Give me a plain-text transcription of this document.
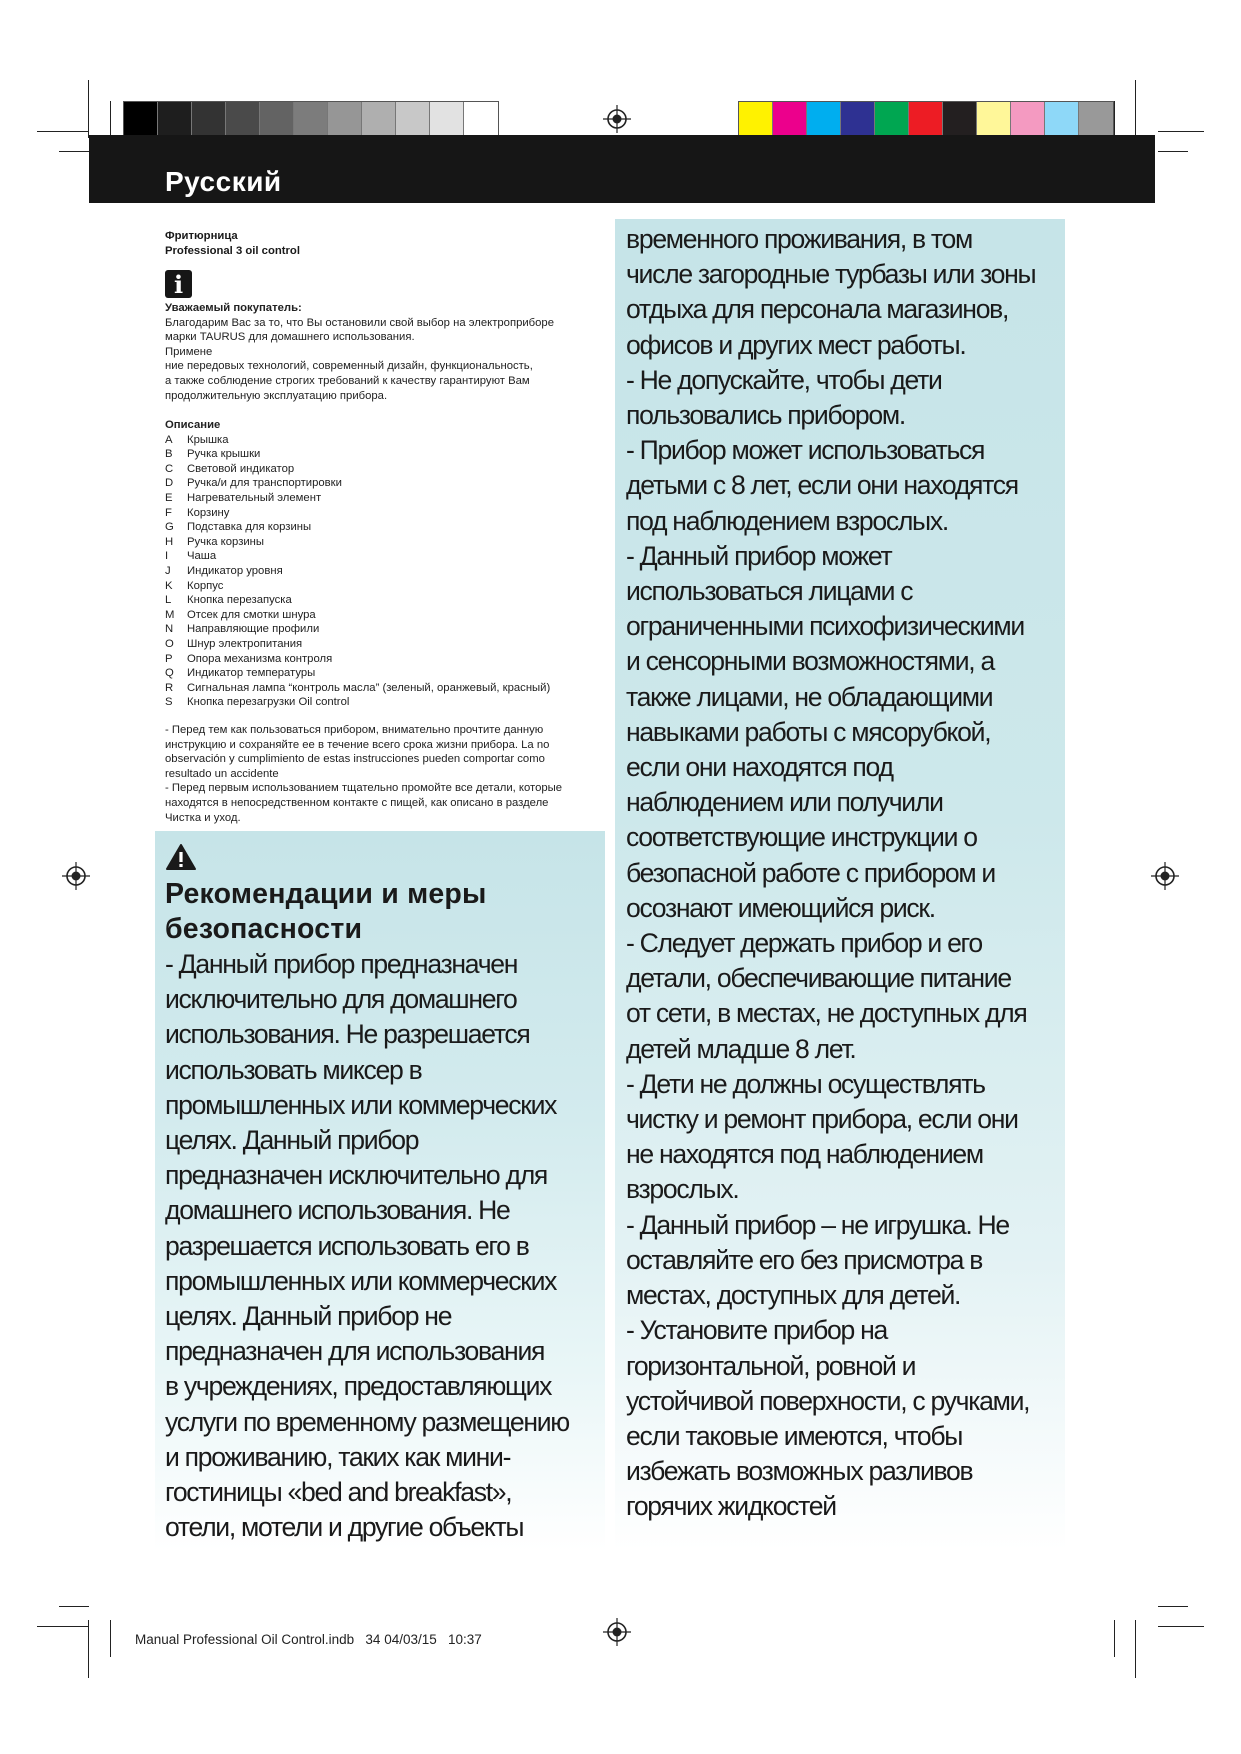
Русский
Фритюрница
Professional 3 oil control
i
Уважаемый покупатель:
Благодарим Вас за то, что Вы остановили свой выбор на электроприборе
марки TAURUS для домашнего использования.
Примене
ние передовых технологий, современный дизайн, функциональность,
а также соблюдение строгих требований к качеству гарантируют Вам
продолжительную эксплуатацию прибора.
Описание
A	Крышка
B	Ручка крышки
C	Световой индикатор
D	Ручка/и для транспортировки
E	Нагревательный элемент
F	Корзину
G	Подставка для корзины
H	Ручка корзины
I	Чаша
J	Индикатор уровня
K	Корпус
L	Кнопка перезапуска
M	Отсек для смотки шнура
N	Направляющие профили
O	Шнур электропитания
P	Опора механизма контроля
Q	Индикатор температуры
R	Сигнальная лампа “контроль масла” (зеленый, оранжевый, красный)
S	Кнопка перезагрузки Oil control
- Перед тем как пользоваться прибором, внимательно прочтите данную
инструкцию и сохраняйте ее в течение всего срока жизни прибора. La no
observación y cumplimiento de estas instrucciones pueden comportar como
resultado un accidente
- Перед первым использованием тщательно промойте все детали, которые
находятся в непосредственном контакте с пищей, как описано в разделе
Чистка и уход.
Рекомендации и меры
безопасности
- Данный прибор предназначен
исключительно для домашнего
использования. Не разрешается
использовать миксер в
промышленных или коммерческих
целях. Данный прибор
предназначен исключительно для
домашнего использования. Не
разрешается использовать его в
промышленных или коммерческих
целях. Данный прибор не
предназначен для использования
в учреждениях, предоставляющих
услуги по временному размещению
и проживанию, таких как мини-
гостиницы «bed and breakfast»,
отели, мотели и другие объекты
временного проживания, в том
числе загородные турбазы или зоны
отдыха для персонала магазинов,
офисов и других мест работы.
- Не допускайте, чтобы дети
пользовались прибором.
- Прибор может использоваться
детьми с 8 лет, если они находятся
под наблюдением взрослых.
- Данный прибор может
использоваться лицами с
ограниченными психофизическими
и сенсорными возможностями, а
также лицами, не обладающими
навыками работы с мясорубкой,
если они находятся под
наблюдением или получили
соответствующие инструкции о
безопасной работе с прибором и
осознают имеющийся риск.
- Следует держать прибор и его
детали, обеспечивающие питание
от сети, в местах, не доступных для
детей младше 8 лет.
- Дети не должны осуществлять
чистку и ремонт прибора, если они
не находятся под наблюдением
взрослых.
- Данный прибор – не игрушка. Не
оставляйте его без присмотра в
местах, доступных для детей.
- Установите прибор на
горизонтальной, ровной и
устойчивой поверхности, с ручками,
если таковые имеются, чтобы
избежать возможных разливов
горячих жидкостей
Manual Professional Oil Control.indb 34 04/03/15 10:37
